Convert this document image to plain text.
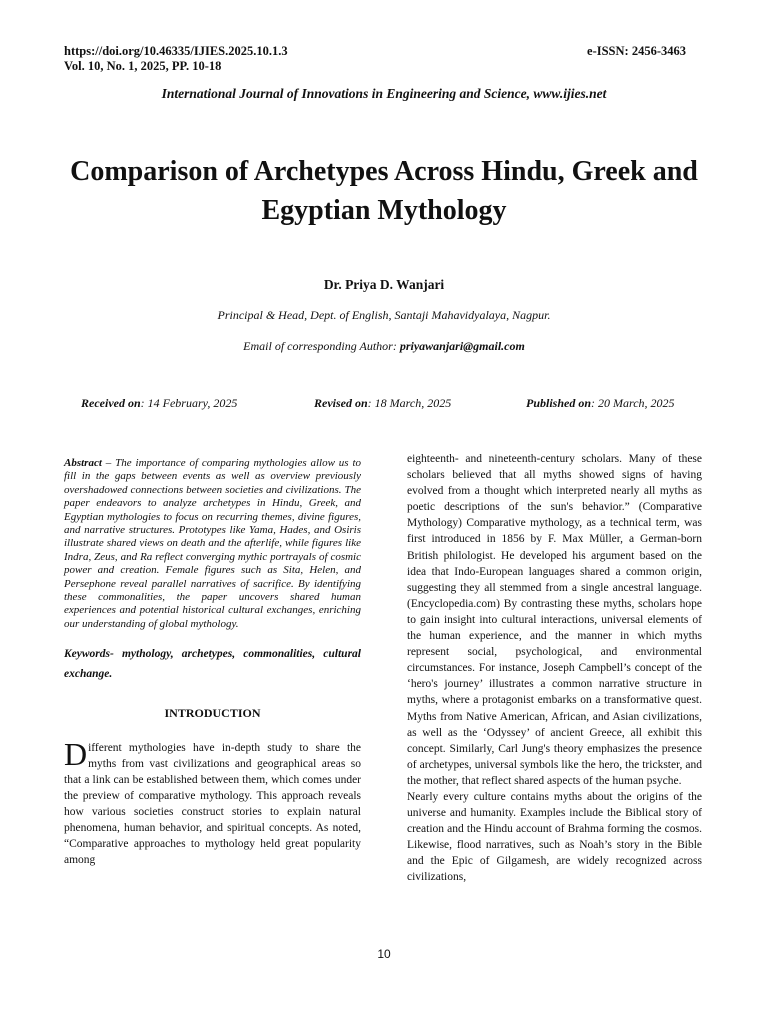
https://doi.org/10.46335/IJIES.2025.10.1.3
Vol. 10, No. 1, 2025, PP. 10-18
e-ISSN: 2456-3463
International Journal of Innovations in Engineering and Science, www.ijies.net
Comparison of Archetypes Across Hindu, Greek and Egyptian Mythology
Dr. Priya D. Wanjari
Principal & Head, Dept. of English, Santaji Mahavidyalaya, Nagpur.
Email of corresponding Author: priyawanjari@gmail.com
Received on: 14 February, 2025	Revised on: 18 March, 2025	Published on: 20 March, 2025

Abstract – The importance of comparing mythologies allow us to fill in the gaps between events as well as overview previously overshadowed connections between societies and civilizations. The paper endeavors to analyze archetypes in Hindu, Greek, and Egyptian mythologies to focus on recurring themes, divine figures, and narrative structures. Prototypes like Yama, Hades, and Osiris illustrate shared views on death and the afterlife, while figures like Indra, Zeus, and Ra reflect converging mythic portrayals of cosmic power and creation. Female figures such as Sita, Helen, and Persephone reveal parallel narratives of sacrifice. By identifying these commonalities, the paper uncovers shared human experiences and potential historical cultural exchanges, enriching our understanding of global mythology.

Keywords- mythology, archetypes, commonalities, cultural exchange.

INTRODUCTION

Different mythologies have in-depth study to share the myths from vast civilizations and geographical areas so that a link can be established between them, which comes under the preview of comparative mythology. This approach reveals how various societies construct stories to explain natural phenomena, human behavior, and spiritual concepts. As noted, “Comparative approaches to mythology held great popularity among

eighteenth- and nineteenth-century scholars. Many of these scholars believed that all myths showed signs of having evolved from a thought which interpreted nearly all myths as poetic descriptions of the sun's behavior.” (Comparative Mythology) Comparative mythology, as a technical term, was first introduced in 1856 by F. Max Müller, a German-born British philologist. He developed his argument based on the idea that Indo-European languages shared a common origin, suggesting they all stemmed from a single ancestral language. (Encyclopedia.com) By contrasting these myths, scholars hope to gain insight into cultural interactions, universal elements of the human experience, and the manner in which myths represent social, psychological, and environmental circumstances. For instance, Joseph Campbell’s concept of the ‘hero's journey’ illustrates a common narrative structure in myths, where a protagonist embarks on a transformative quest. Myths from Native American, African, and Asian civilizations, as well as the ‘Odyssey’ of ancient Greece, all exhibit this concept. Similarly, Carl Jung's theory emphasizes the presence of archetypes, universal symbols like the hero, the trickster, and the mother, that reflect shared aspects of the human psyche.

Nearly every culture contains myths about the origins of the universe and humanity. Examples include the Biblical story of creation and the Hindu account of Brahma forming the cosmos. Likewise, flood narratives, such as Noah’s story in the Bible and the Epic of Gilgamesh, are widely recognized across civilizations,

10
